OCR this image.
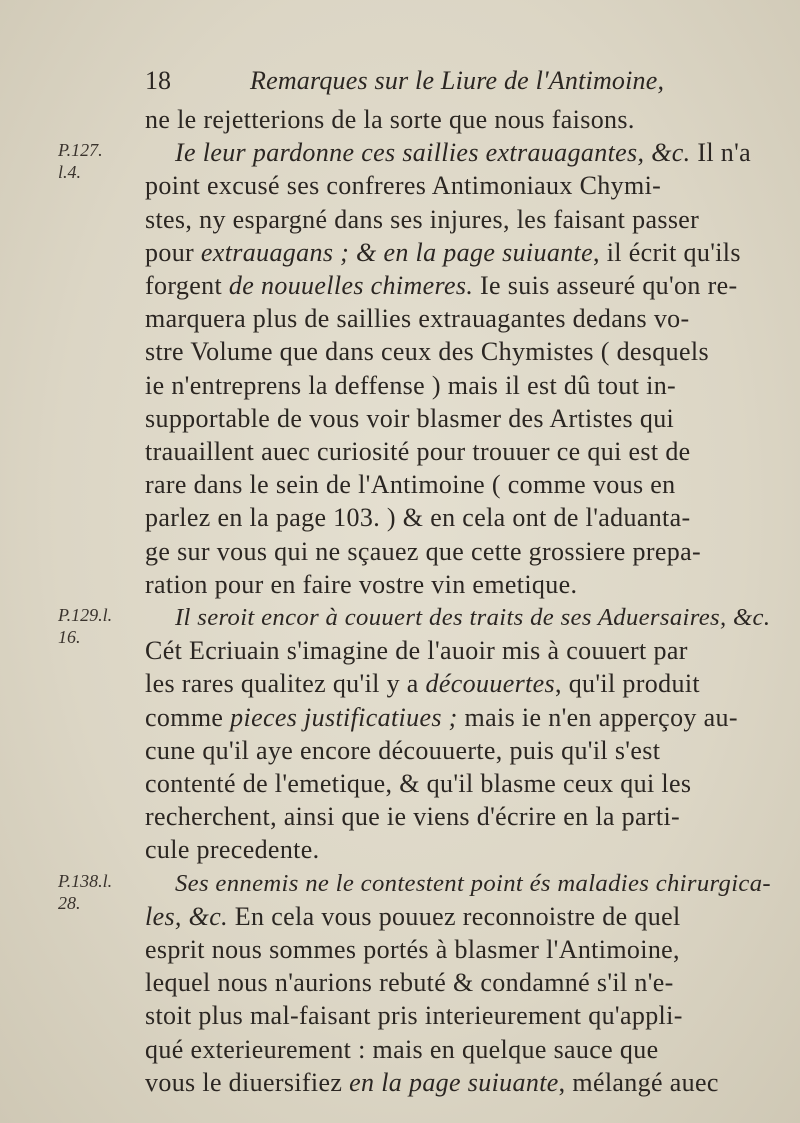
18	Remarques sur le Liure de l'Antimoine,
P.127.
l.4.
P.129.l.
16.
P.138.l.
28.
ne le rejetterions de la sorte que nous faisons.
Ie leur pardonne ces saillies extrauagantes, &c. Il n'a
point excusé ses confreres Antimoniaux Chymi-
stes, ny espargné dans ses injures, les faisant passer
pour extrauagans ; & en la page suiuante, il écrit qu'ils
forgent de nouuelles chimeres. Ie suis asseuré qu'on re-
marquera plus de saillies extrauagantes dedans vo-
stre Volume que dans ceux des Chymistes ( desquels
ie n'entreprens la deffense ) mais il est dû tout in-
supportable de vous voir blasmer des Artistes qui
trauaillent auec curiosité pour trouuer ce qui est de
rare dans le sein de l'Antimoine ( comme vous en
parlez en la page 103. ) & en cela ont de l'aduanta-
ge sur vous qui ne sçauez que cette grossiere prepa-
ration pour en faire vostre vin emetique.
Il seroit encor à couuert des traits de ses Aduersaires, &c.
Cét Ecriuain s'imagine de l'auoir mis à couuert par
les rares qualitez qu'il y a découuertes, qu'il produit
comme pieces justificatiues ; mais ie n'en apperçoy au-
cune qu'il aye encore découuerte, puis qu'il s'est
contenté de l'emetique, & qu'il blasme ceux qui les
recherchent, ainsi que ie viens d'écrire en la parti-
cule precedente.
Ses ennemis ne le contestent point és maladies chirurgica-
les, &c. En cela vous pouuez reconnoistre de quel
esprit nous sommes portés à blasmer l'Antimoine,
lequel nous n'aurions rebuté & condamné s'il n'e-
stoit plus mal-faisant pris interieurement qu'appli-
qué exterieurement : mais en quelque sauce que
vous le diuersifiez en la page suiuante, mélangé auec
